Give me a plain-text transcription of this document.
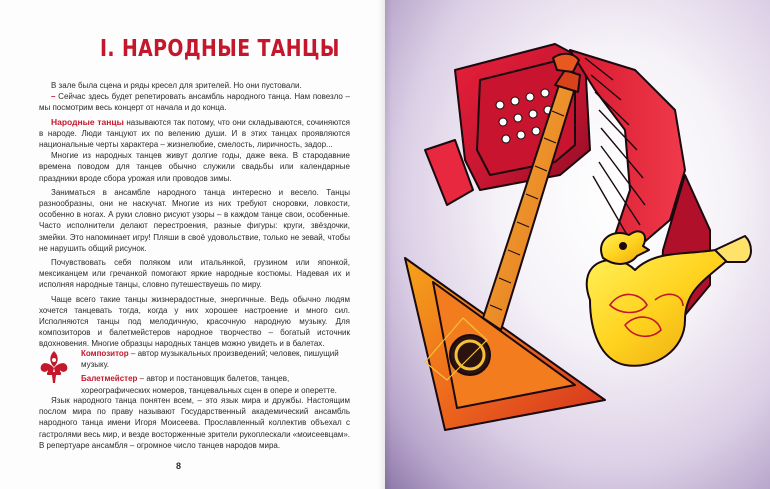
I. НАРОДНЫЕ ТАНЦЫ

В зале была сцена и ряды кресел для зрителей. Но они пустовали.

– Сейчас здесь будет репетировать ансамбль народного танца. Нам повезло – мы посмотрим весь концерт от начала и до конца.

Народные танцы называются так потому, что они складываются, сочиняются в народе. Люди танцуют их по велению души. И в этих танцах проявляются национальные черты характера – жизнелюбие, смелость, лиричность, задор...

Многие из народных танцев живут долгие годы, даже века. В стародавние времена поводом для танцев обычно служили свадьбы или календарные праздники вроде сбора урожая или проводов зимы.

Заниматься в ансамбле народного танца интересно и весело. Танцы разнообразны, они не наскучат. Многие из них требуют сноровки, ловкости, особенно в ногах. А руки словно рисуют узоры – в каждом танце свои, особенные. Часто исполнители делают перестроения, разные фигуры: круги, звёздочки, змейки. Это напоминает игру! Пляши в своё удовольствие, только не зевай, чтобы не нарушить общий рисунок.

Почувствовать себя поляком или итальянкой, грузином или японкой, мексиканцем или гречанкой помогают яркие народные костюмы. Надевая их и исполняя народные танцы, словно путешествуешь по миру.

Чаще всего такие танцы жизнерадостные, энергичные. Ведь обычно людям хочется танцевать тогда, когда у них хорошее настроение и много сил. Исполняются танцы под мелодичную, красочную народную музыку. Для композиторов и балетмейстеров народное творчество – богатый источник вдохновения. Многие образцы народных танцев можно увидеть и в балетах.

Композитор – автор музыкальных произведений; человек, пишущий музыку.
Балетмейстер – автор и постановщик балетов, танцев, хореографических номеров, танцевальных сцен в опере и оперетте.

Язык народного танца понятен всем, – это язык мира и дружбы. Настоящим послом мира по праву называют Государственный академический ансамбль народного танца имени Игоря Моисеева. Прославленный коллектив объехал с гастролями весь мир, и везде восторженные зрители рукоплескали «моисеевцам». В репертуаре ансамбля – огромное число танцев народов мира.

8
